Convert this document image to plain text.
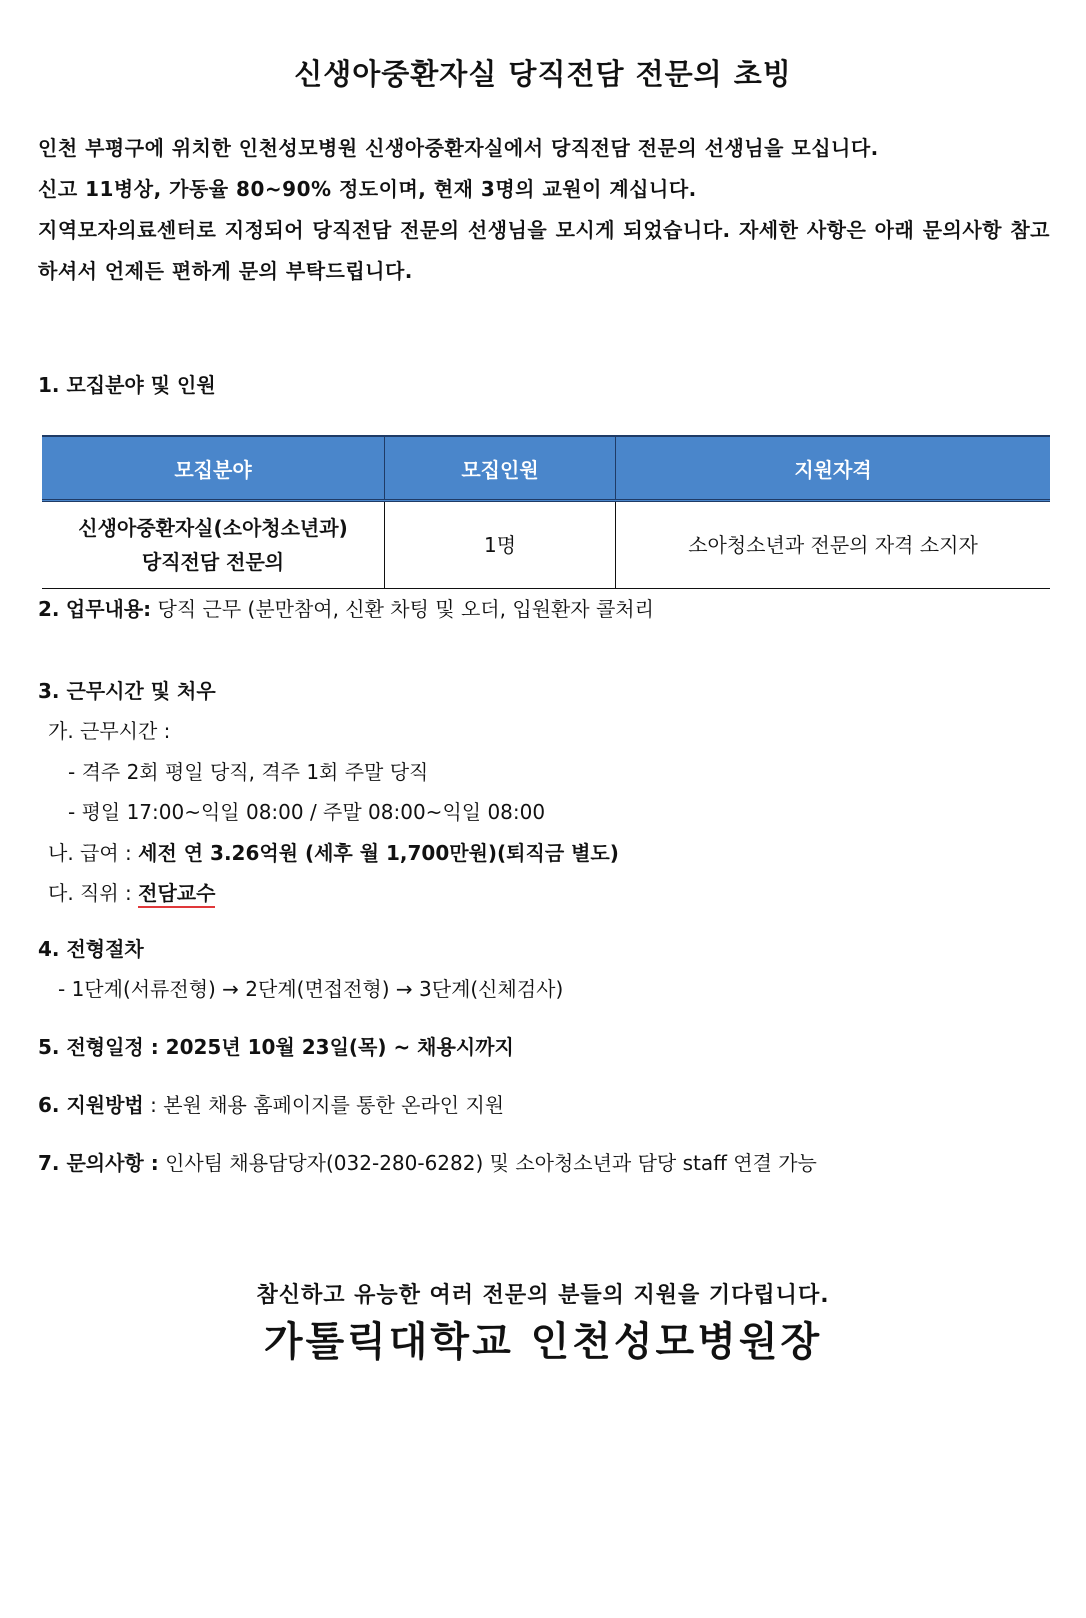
신생아중환자실 당직전담 전문의 초빙

인천 부평구에 위치한 인천성모병원 신생아중환자실에서 당직전담 전문의 선생님을 모십니다.

신고 11병상, 가동율 80~90% 정도이며, 현재 3명의 교원이 계십니다.

지역모자의료센터로 지정되어 당직전담 전문의 선생님을 모시게 되었습니다. 자세한 사항은 아래 문의사항 참고하셔서 언제든 편하게 문의 부탁드립니다.

1. 모집분야 및 인원
모집분야	모집인원	지원자격

신생아중환자실(소아청소년과)
당직전담 전문의	1명	소아청소년과 전문의 자격 소지자
2. 업무내용: 당직 근무 (분만참여, 신환 차팅 및 오더, 입원환자 콜처리
3. 근무시간 및 처우
가. 근무시간 :
- 격주 2회 평일 당직, 격주 1회 주말 당직
- 평일 17:00~익일 08:00 / 주말 08:00~익일 08:00
나. 급여 : 세전 연 3.26억원 (세후 월 1,700만원)(퇴직금 별도)
다. 직위 : 전담교수
4. 전형절차
- 1단계(서류전형) → 2단계(면접전형) → 3단계(신체검사)
5. 전형일정 : 2025년 10월 23일(목) ~ 채용시까지
6. 지원방법 : 본원 채용 홈페이지를 통한 온라인 지원
7. 문의사항 : 인사팀 채용담당자(032-280-6282) 및 소아청소년과 담당 staff 연결 가능
참신하고 유능한 여러 전문의 분들의 지원을 기다립니다.
가톨릭대학교 인천성모병원장
